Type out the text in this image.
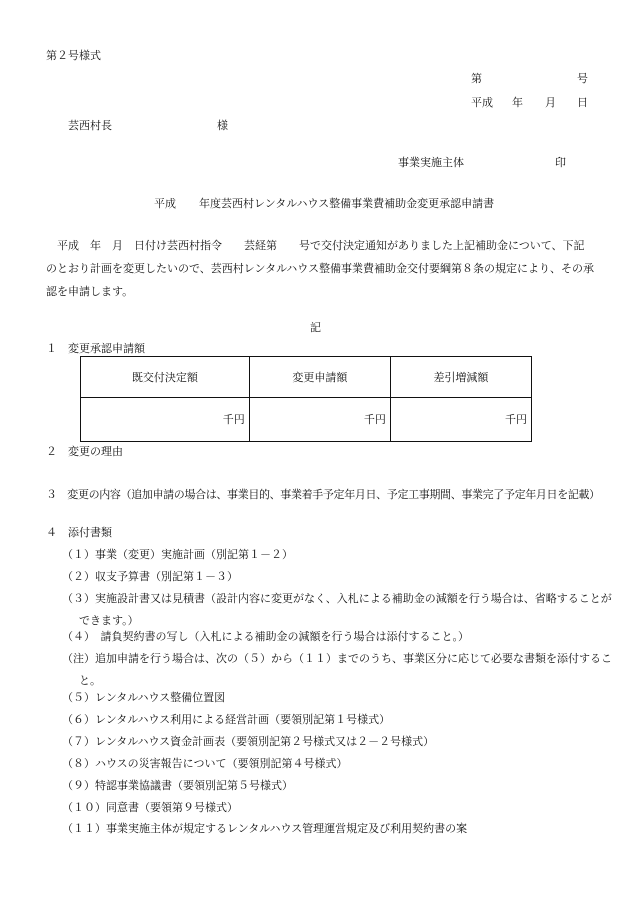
第２号様式
第	号
平成 年 月 日
芸西村長	様
事業実施主体	印
平成 年度芸西村レンタルハウス整備事業費補助金変更承認申請書
平成　年　月　日付け芸西村指令　　芸経第　　号で交付決定通知がありました上記補助金について、下記のとおり計画を変更したいので、芸西村レンタルハウス整備事業費補助金交付要綱第８条の規定により、その承認を申請します。
記
１　変更承認申請額
既交付決定額	変更申請額	差引増減額
千円	千円	千円
２　変更の理由
３　変更の内容（追加申請の場合は、事業目的、事業着手予定年月日、予定工事期間、事業完了予定年月日を記載）
４　添付書類
（１）事業（変更）実施計画（別記第１－２）
（２）収支予算書（別記第１－３）
（３）実施設計書又は見積書（設計内容に変更がなく、入札による補助金の減額を行う場合は、省略することができます。）
（４）　請負契約書の写し（入札による補助金の減額を行う場合は添付すること。）
（注）追加申請を行う場合は、次の（５）から（１１）までのうち、事業区分に応じて必要な書類を添付すること。
（５）レンタルハウス整備位置図
（６）レンタルハウス利用による経営計画（要領別記第１号様式）
（７）レンタルハウス資金計画表（要領別記第２号様式又は２－２号様式）
（８）ハウスの災害報告について（要領別記第４号様式）
（９）特認事業協議書（要領別記第５号様式）
（１０）同意書（要領第９号様式）
（１１）事業実施主体が規定するレンタルハウス管理運営規定及び利用契約書の案
